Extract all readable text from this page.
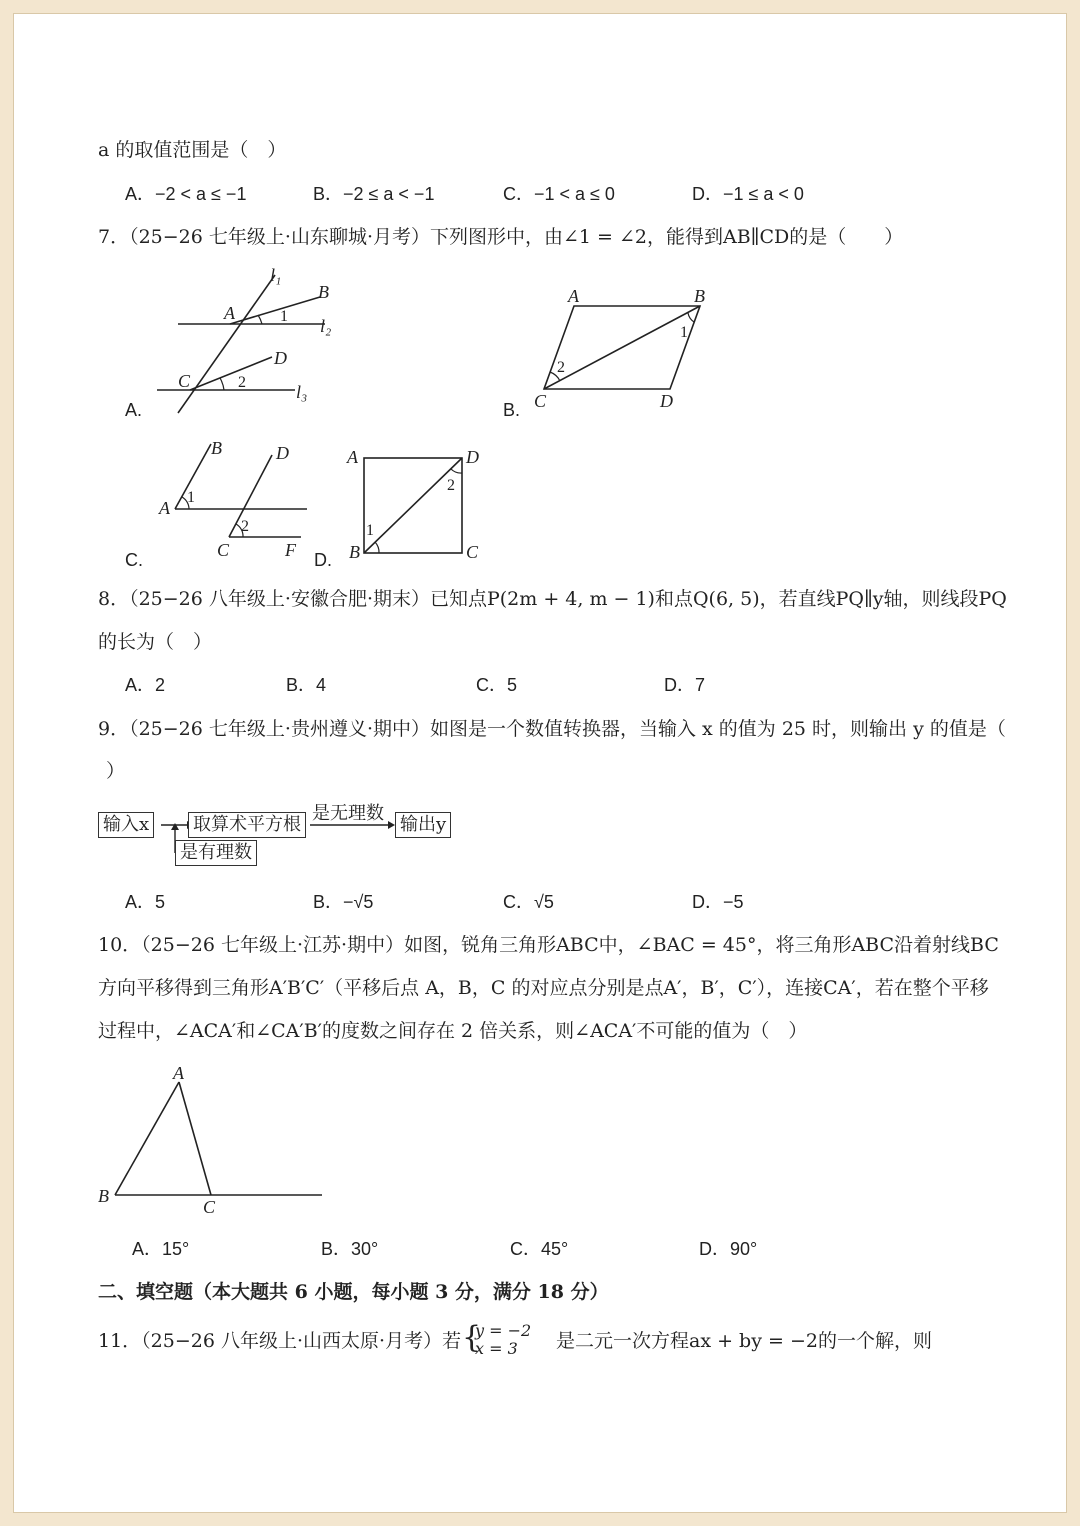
a 的取值范围是（　）
A．−2 < a ≤ −1	B．−2 ≤ a < −1	C．−1 < a ≤ 0	D．−1 ≤ a < 0
7．（25−26 七年级上·山东聊城·月考）下列图形中，由∠1 = ∠2，能得到AB∥CD的是（　　）
A.
l₁
B
A	1 l₂
D
C	2	l₃
B.
A	B
1
2
C	D
C.
B	D
1
A
2
C	F D.
A	D
2
1
B	C
8．（25−26 八年级上·安徽合肥·期末）已知点P(2m + 4, m − 1)和点Q(6, 5)，若直线PQ∥y轴，则线段PQ
的长为（　）
A．2	B．4	C．5	D．7
9．（25−26 七年级上·贵州遵义·期中）如图是一个数值转换器，当输入 x 的值为 25 时，则输出 y 的值是（
）
输入x 取算术平方根
是无理数
输出y
是有理数
A．5	B．−√5	C．√5	D．−5
10．（25−26 七年级上·江苏·期中）如图，锐角三角形ABC中，∠BAC = 45°，将三角形ABC沿着射线BC
方向平移得到三角形A′B′C′（平移后点 A，B，C 的对应点分别是点A′，B′，C′），连接CA′，若在整个平移
过程中，∠ACA′和∠CA′B′的度数之间存在 2 倍关系，则∠ACA′不可能的值为（　）
A
B
C
A．15°	B．30°	C．45°	D．90°
二、填空题（本大题共 6 小题，每小题 3 分，满分 18 分）
11．（25−26 八年级上·山西太原·月考）若 {
y = −2
x = 3 是二元一次方程ax + by = −2的一个解，则
